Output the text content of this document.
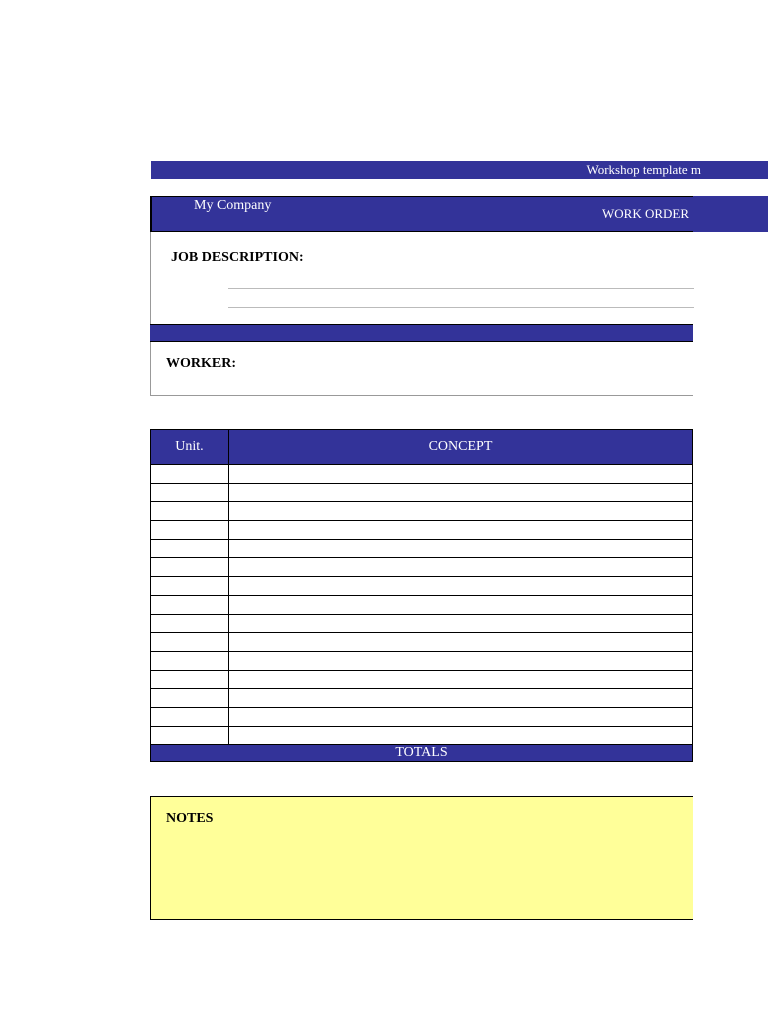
Workshop template m
My Company
WORK ORDER
JOB DESCRIPTION:
WORKER:
Unit.	CONCEPT

TOTALS
NOTES
